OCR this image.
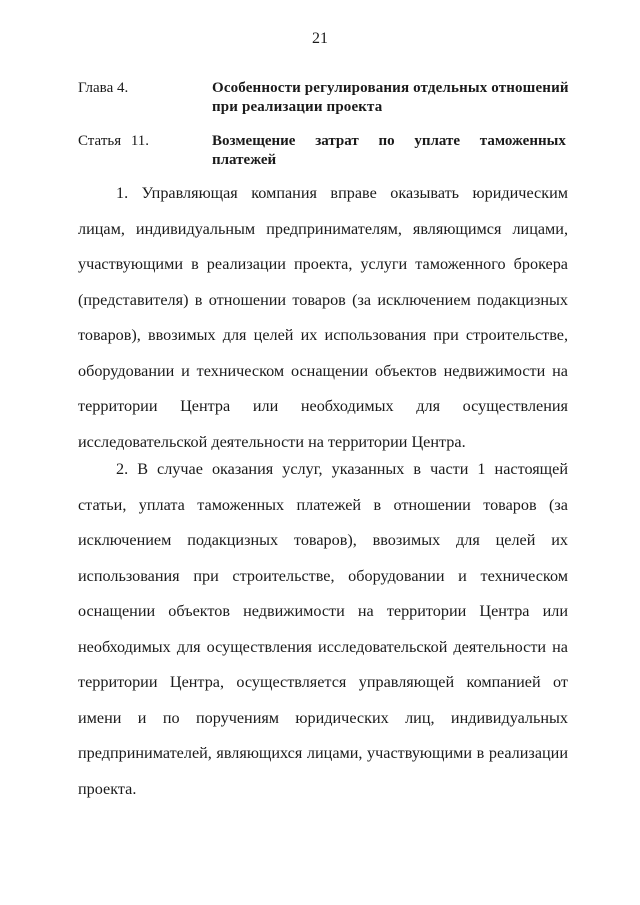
21
Глава 4.	Особенности регулирования отдельных отношений при реализации проекта
Статья 11.	Возмещение затрат по уплате таможенных платежей

1. Управляющая компания вправе оказывать юридическим лицам, индивидуальным предпринимателям, являющимся лицами, участвующими в реализации проекта, услуги таможенного брокера (представителя) в отношении товаров (за исключением подакцизных товаров), ввозимых для целей их использования при строительстве, оборудовании и техническом оснащении объектов недвижимости на территории Центра или необходимых для осуществления исследовательской деятельности на территории Центра.

2. В случае оказания услуг, указанных в части 1 настоящей статьи, уплата таможенных платежей в отношении товаров (за исключением подакцизных товаров), ввозимых для целей их использования при строительстве, оборудовании и техническом оснащении объектов недвижимости на территории Центра или необходимых для осуществления исследовательской деятельности на территории Центра, осуществляется управляющей компанией от имени и по поручениям юридических лиц, индивидуальных предпринимателей, являющихся лицами, участвующими в реализации проекта.
